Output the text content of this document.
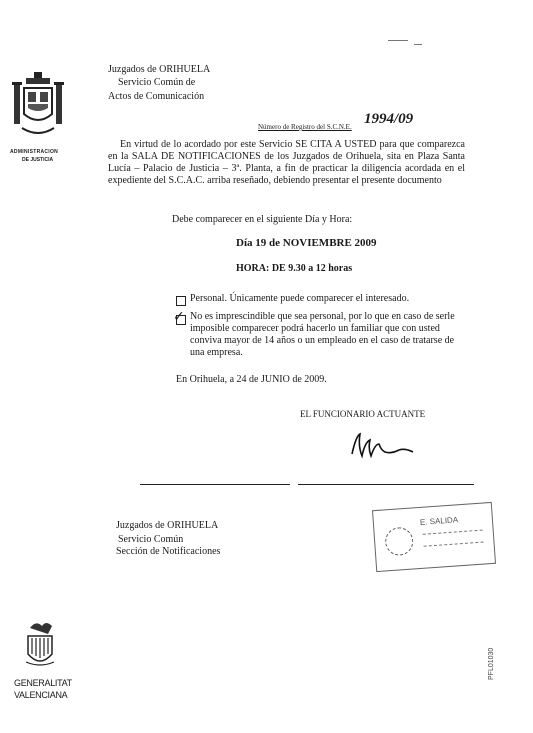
ADMINISTRACION
DE JUSTICIA
Juzgados de ORIHUELA
Servicio Común de
Actos de Comunicación
Número de Registro del S.C.N.E. 1994/09
En virtud de lo acordado por este Servicio SE CITA A USTED para que comparezca en la SALA DE NOTIFICACIONES de los Juzgados de Orihuela, sita en Plaza Santa Lucía – Palacio de Justicia – 3ª. Planta, a fin de practicar la diligencia acordada en el expediente del S.C.A.C. arriba reseñado, debiendo presentar el presente documento
Debe comparecer en el siguiente Día y Hora:
Día 19 de NOVIEMBRE 2009
HORA: DE 9.30 a 12 horas
Personal. Únicamente puede comparecer el interesado.
✓ No es imprescindible que sea personal, por lo que en caso de serle imposible comparecer podrá hacerlo un familiar que con usted conviva mayor de 14 años o un empleado en el caso de tratarse de una empresa.
En Orihuela, a 24 de JUNIO de 2009.
EL FUNCIONARIO ACTUANTE
Juzgados de ORIHUELA
Servicio Común
Sección de Notificaciones
E. SALIDA
GENERALITAT
VALENCIANA
PFL01030
